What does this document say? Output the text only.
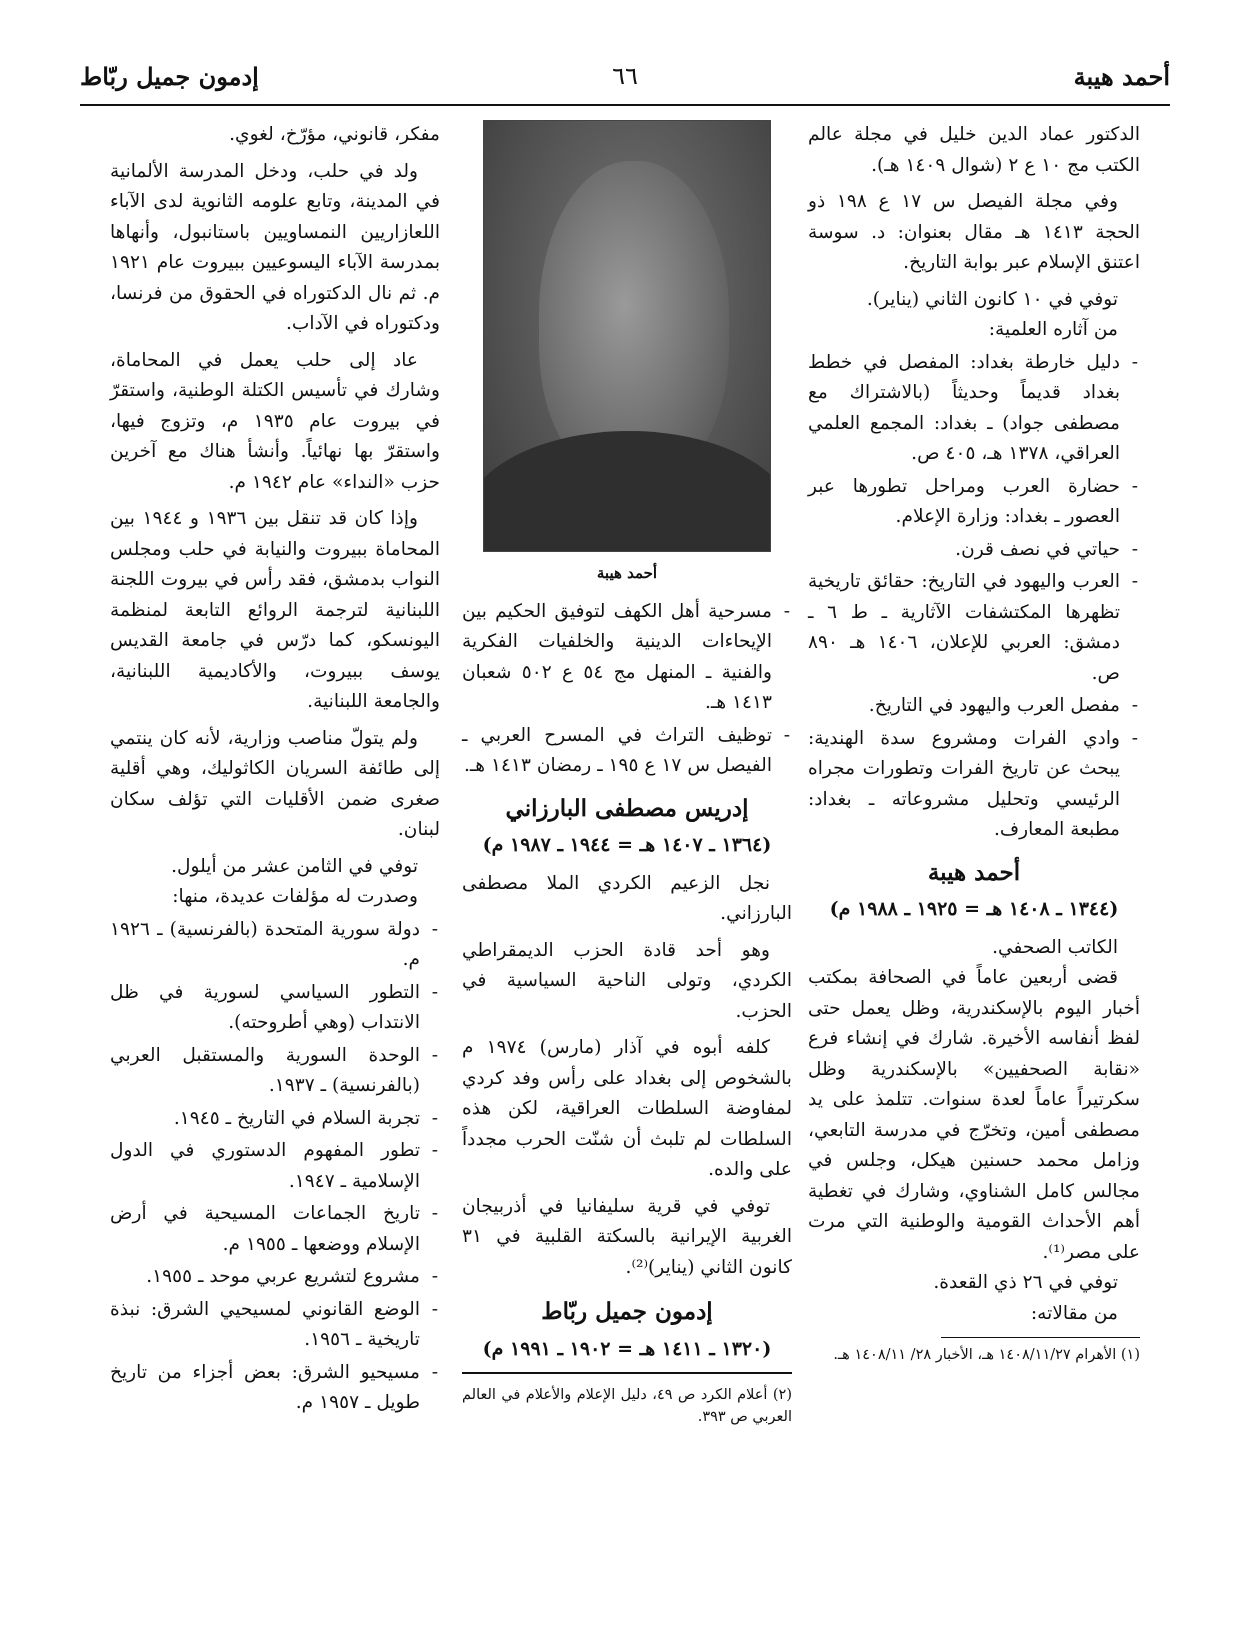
أحمد هيبة
٦٦
إدمون جميل ربّاط

الدكتور عماد الدين خليل في مجلة عالم الكتب مج ١٠ ع ٢ (شوال ١٤٠٩ هـ).

وفي مجلة الفيصل س ١٧ ع ١٩٨ ذو الحجة ١٤١٣ هـ مقال بعنوان: د. سوسة اعتنق الإسلام عبر بوابة التاريخ.

توفي في ١٠ كانون الثاني (يناير).

من آثاره العلمية:

- دليل خارطة بغداد: المفصل في خطط بغداد قديماً وحديثاً (بالاشتراك مع مصطفى جواد) ـ بغداد: المجمع العلمي العراقي، ١٣٧٨ هـ، ٤٠٥ ص.
- حضارة العرب ومراحل تطورها عبر العصور ـ بغداد: وزارة الإعلام.
- حياتي في نصف قرن.
- العرب واليهود في التاريخ: حقائق تاريخية تظهرها المكتشفات الآثارية ـ ط ٦ ـ دمشق: العربي للإعلان، ١٤٠٦ هـ ٨٩٠ ص.
- مفصل العرب واليهود في التاريخ.
- وادي الفرات ومشروع سدة الهندية: يبحث عن تاريخ الفرات وتطورات مجراه الرئيسي وتحليل مشروعاته ـ بغداد: مطبعة المعارف.
أحمد هيبة
(١٣٤٤ ـ ١٤٠٨ هـ = ١٩٢٥ ـ ١٩٨٨ م)

الكاتب الصحفي.

قضى أربعين عاماً في الصحافة بمكتب أخبار اليوم بالإسكندرية، وظل يعمل حتى لفظ أنفاسه الأخيرة. شارك في إنشاء فرع «نقابة الصحفيين» بالإسكندرية وظل سكرتيراً عاماً لعدة سنوات. تتلمذ على يد مصطفى أمين، وتخرّج في مدرسة التابعي، وزامل محمد حسنين هيكل، وجلس في مجالس كامل الشناوي، وشارك في تغطية أهم الأحداث القومية والوطنية التي مرت على مصر⁽¹⁾.

توفي في ٢٦ ذي القعدة.

من مقالاته:

(١) الأهرام ١٤٠٨/١١/٢٧ هـ، الأخبار ٢٨/ ١٤٠٨/١١ هـ.
أحمد هيبة
- مسرحية أهل الكهف لتوفيق الحكيم بين الإيحاءات الدينية والخلفيات الفكرية والفنية ـ المنهل مج ٥٤ ع ٥٠٢ شعبان ١٤١٣ هـ.
- توظيف التراث في المسرح العربي ـ الفيصل س ١٧ ع ١٩٥ ـ رمضان ١٤١٣ هـ.
إدريس مصطفى البارزاني
(١٣٦٤ ـ ١٤٠٧ هـ = ١٩٤٤ ـ ١٩٨٧ م)

نجل الزعيم الكردي الملا مصطفى البارزاني.

وهو أحد قادة الحزب الديمقراطي الكردي، وتولى الناحية السياسية في الحزب.

كلفه أبوه في آذار (مارس) ١٩٧٤ م بالشخوص إلى بغداد على رأس وفد كردي لمفاوضة السلطات العراقية، لكن هذه السلطات لم تلبث أن شنّت الحرب مجدداً على والده.

توفي في قرية سليفانيا في أذربيجان الغربية الإيرانية بالسكتة القلبية في ٣١ كانون الثاني (يناير)⁽²⁾.

إدمون جميل ربّاط
(١٣٢٠ ـ ١٤١١ هـ = ١٩٠٢ ـ ١٩٩١ م)
(٢) أعلام الكرد ص ٤٩، دليل الإعلام والأعلام في العالم العربي ص ٣٩٣.

مفكر، قانوني، مؤرّخ، لغوي.

ولد في حلب، ودخل المدرسة الألمانية في المدينة، وتابع علومه الثانوية لدى الآباء اللعازاريين النمساويين باستانبول، وأنهاها بمدرسة الآباء اليسوعيين ببيروت عام ١٩٢١ م. ثم نال الدكتوراه في الحقوق من فرنسا، ودكتوراه في الآداب.

عاد إلى حلب يعمل في المحاماة، وشارك في تأسيس الكتلة الوطنية، واستقرّ في بيروت عام ١٩٣٥ م، وتزوج فيها، واستقرّ بها نهائياً. وأنشأ هناك مع آخرين حزب «النداء» عام ١٩٤٢ م.

وإذا كان قد تنقل بين ١٩٣٦ و ١٩٤٤ بين المحاماة ببيروت والنيابة في حلب ومجلس النواب بدمشق، فقد رأس في بيروت اللجنة اللبنانية لترجمة الروائع التابعة لمنظمة اليونسكو، كما درّس في جامعة القديس يوسف ببيروت، والأكاديمية اللبنانية، والجامعة اللبنانية.

ولم يتولّ مناصب وزارية، لأنه كان ينتمي إلى طائفة السريان الكاثوليك، وهي أقلية صغرى ضمن الأقليات التي تؤلف سكان لبنان.

توفي في الثامن عشر من أيلول.

وصدرت له مؤلفات عديدة، منها:

- دولة سورية المتحدة (بالفرنسية) ـ ١٩٢٦ م.
- التطور السياسي لسورية في ظل الانتداب (وهي أطروحته).
- الوحدة السورية والمستقبل العربي (بالفرنسية) ـ ١٩٣٧.
- تجربة السلام في التاريخ ـ ١٩٤٥.
- تطور المفهوم الدستوري في الدول الإسلامية ـ ١٩٤٧.
- تاريخ الجماعات المسيحية في أرض الإسلام ووضعها ـ ١٩٥٥ م.
- مشروع لتشريع عربي موحد ـ ١٩٥٥.
- الوضع القانوني لمسيحيي الشرق: نبذة تاريخية ـ ١٩٥٦.
- مسيحيو الشرق: بعض أجزاء من تاريخ طويل ـ ١٩٥٧ م.
